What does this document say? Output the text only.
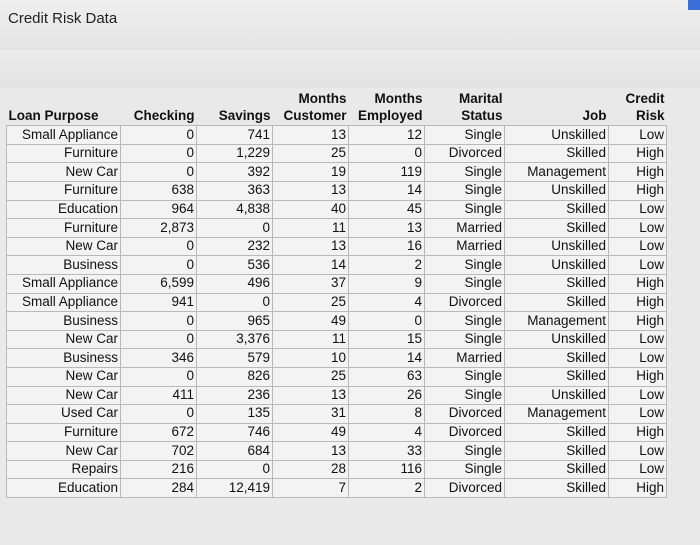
Credit Risk Data
			Months	Months	Marital		Credit
Loan Purpose	Checking	Savings	Customer	Employed	Status	Job	Risk
Small Appliance	0	741	13	12	Single	Unskilled	Low
Furniture	0	1,229	25	0	Divorced	Skilled	High
New Car	0	392	19	119	Single	Management	High
Furniture	638	363	13	14	Single	Unskilled	High
Education	964	4,838	40	45	Single	Skilled	Low
Furniture	2,873	0	11	13	Married	Skilled	Low
New Car	0	232	13	16	Married	Unskilled	Low
Business	0	536	14	2	Single	Unskilled	Low
Small Appliance	6,599	496	37	9	Single	Skilled	High
Small Appliance	941	0	25	4	Divorced	Skilled	High
Business	0	965	49	0	Single	Management	High
New Car	0	3,376	11	15	Single	Unskilled	Low
Business	346	579	10	14	Married	Skilled	Low
New Car	0	826	25	63	Single	Skilled	High
New Car	411	236	13	26	Single	Unskilled	Low
Used Car	0	135	31	8	Divorced	Management	Low
Furniture	672	746	49	4	Divorced	Skilled	High
New Car	702	684	13	33	Single	Skilled	Low
Repairs	216	0	28	116	Single	Skilled	Low
Education	284	12,419	7	2	Divorced	Skilled	High
